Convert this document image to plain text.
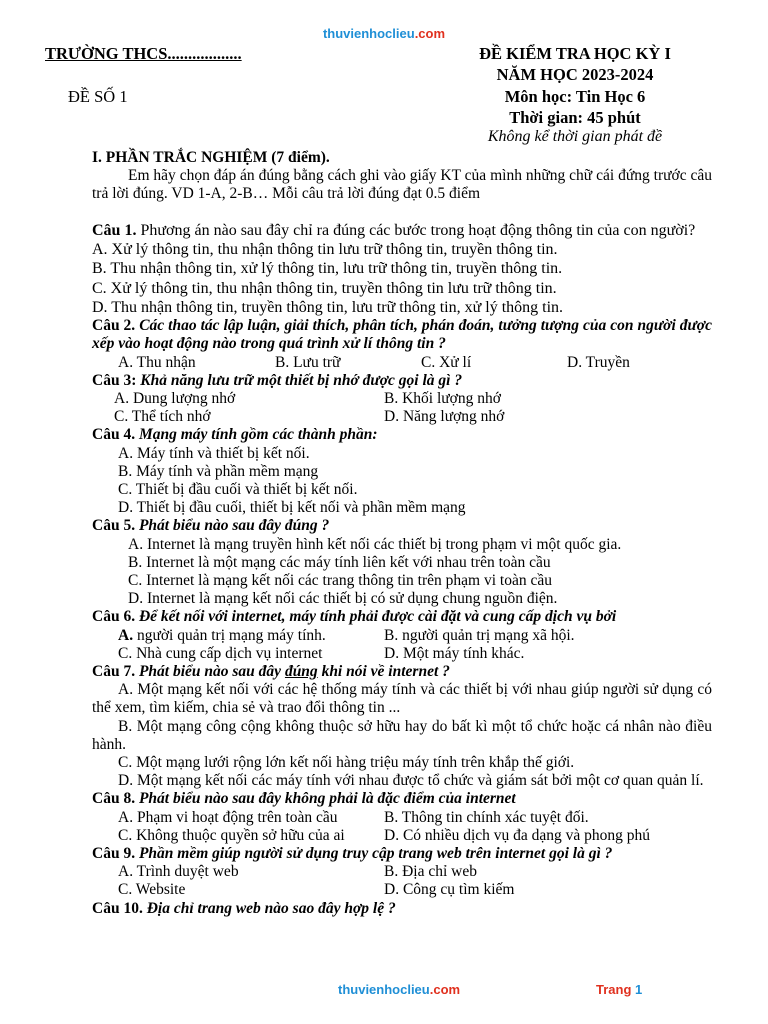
thuvienhoclieu.com
TRƯỜNG THCS..................
ĐỀ SỐ 1
ĐỀ KIỂM TRA HỌC KỲ I
NĂM HỌC 2023-2024
Môn học: Tin Học 6
Thời gian: 45 phút
Không kể thời gian phát đề

I. PHẦN TRẮC NGHIỆM (7 điểm).

Em hãy chọn đáp án đúng bằng cách ghi vào giấy KT của mình những chữ cái đứng trước câu trả lời đúng. VD 1-A, 2-B… Mỗi câu trả lời đúng đạt 0.5 điểm

Câu 1. Phương án nào sau đây chỉ ra đúng các bước trong hoạt động thông tin của con người?

A. Xử lý thông tin, thu nhận thông tin lưu trữ thông tin, truyền thông tin.

B. Thu nhận thông tin, xử lý thông tin, lưu trữ thông tin, truyền thông tin.

C. Xử lý thông tin, thu nhận thông tin, truyền thông tin lưu trữ thông tin.

D. Thu nhận thông tin, truyền thông tin, lưu trữ thông tin, xử lý thông tin.

Câu 2. Các thao tác lập luận, giải thích, phân tích, phán đoán, tưởng tượng của con người được xếp vào hoạt động nào trong quá trình xử lí thông tin ?

A. Thu nhận	B. Lưu trữ	C. Xử lí	D. Truyền

Câu 3: Khả năng lưu trữ một thiết bị nhớ được gọi là gì ?

A. Dung lượng nhớ	B. Khối lượng nhớ
C. Thể tích nhớ	D. Năng lượng nhớ

Câu 4. Mạng máy tính gồm các thành phần:

A. Máy tính và thiết bị kết nối.

B. Máy tính và phần mềm mạng

C. Thiết bị đầu cuối và thiết bị kết nối.

D. Thiết bị đầu cuối, thiết bị kết nối và phần mềm mạng

Câu 5. Phát biểu nào sau đây đúng ?

A. Internet là mạng truyền hình kết nối các thiết bị trong phạm vi một quốc gia.

B. Internet là một mạng các máy tính liên kết với nhau trên toàn cầu

C. Internet là mạng kết nối các trang thông tin trên phạm vi toàn cầu

D. Internet là mạng kết nối các thiết bị có sử dụng chung nguồn điện.

Câu 6. Để kết nối với internet, máy tính phải được cài đặt và cung cấp dịch vụ bởi

A. người quản trị mạng máy tính.	B. người quản trị mạng xã hội.
C. Nhà cung cấp dịch vụ internet	D. Một máy tính khác.

Câu 7. Phát biểu nào sau đây đúng khi nói về internet ?

A. Một mạng kết nối với các hệ thống máy tính và các thiết bị với nhau giúp người sử dụng có thể xem, tìm kiếm, chia sẻ và trao đổi thông tin ...

B. Một mạng công cộng không thuộc sở hữu hay do bất kì một tổ chức hoặc cá nhân nào điều hành.

C. Một mạng lưới rộng lớn kết nối hàng triệu máy tính trên khắp thế giới.

D. Một mạng kết nối các máy tính với nhau được tổ chức và giám sát bởi một cơ quan quản lí.

Câu 8. Phát biểu nào sau đây không phải là đặc điểm của internet

A. Phạm vi hoạt động trên toàn cầu	B. Thông tin chính xác tuyệt đối.
C. Không thuộc quyền sở hữu của ai	D. Có nhiều dịch vụ đa dạng và phong phú

Câu 9. Phần mềm giúp người sử dụng truy cập trang web trên internet gọi là gì ?

A. Trình duyệt web	B. Địa chỉ web
C. Website	D. Công cụ tìm kiếm

Câu 10. Địa chỉ trang web nào sao đây hợp lệ ?

thuvienhoclieu.com	Trang 1
